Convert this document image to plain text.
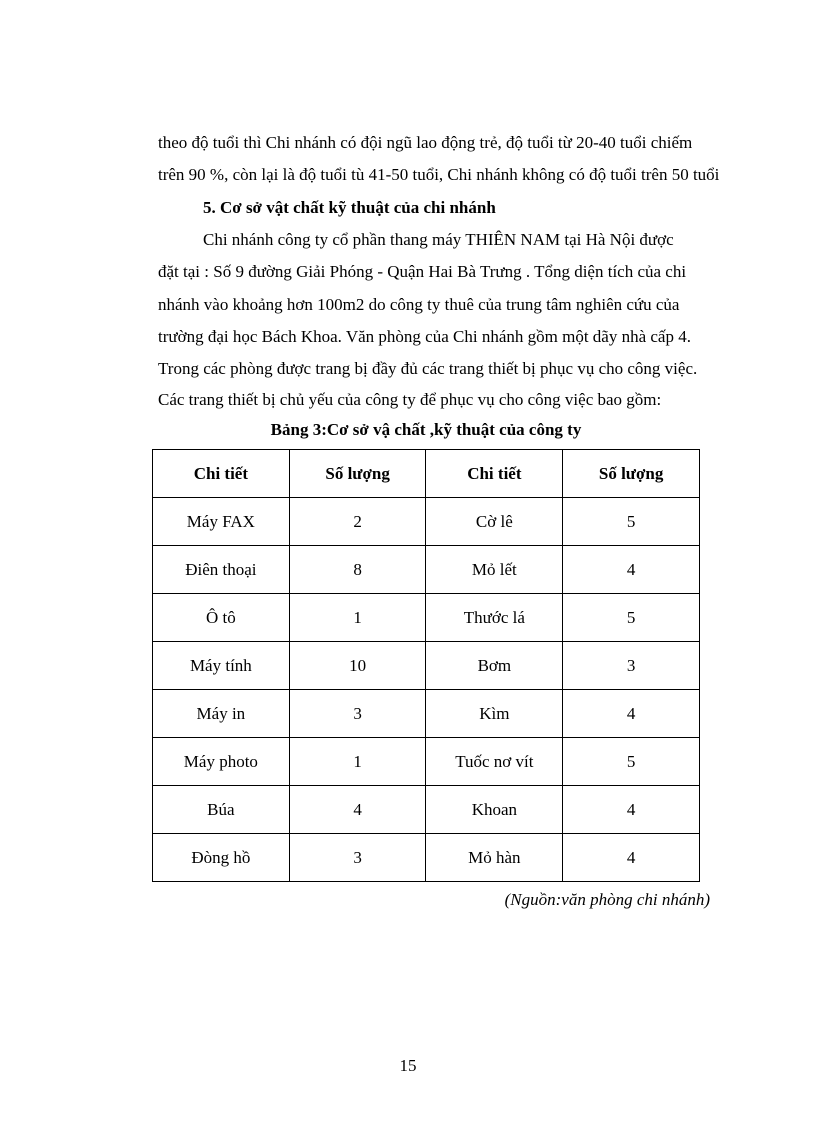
theo độ tuổi thì Chi nhánh có đội ngũ lao động trẻ, độ tuổi từ 20-40 tuổi chiếm
trên 90 %, còn lại là độ tuổi tù 41-50 tuổi, Chi nhánh không có độ tuổi trên 50 tuổi
5. Cơ sở vật chất kỹ thuật của chi nhánh
Chi nhánh công ty cổ phần thang máy THIÊN NAM tại Hà Nội được
đặt tại : Số 9 đường Giải Phóng - Quận Hai Bà Trưng . Tổng diện tích của chi
nhánh vào khoảng hơn 100m2 do công ty thuê của trung tâm nghiên cứu của
trường đại học Bách Khoa. Văn phòng của Chi nhánh gồm một dãy nhà cấp 4.
Trong các phòng được trang bị đầy đủ các trang thiết bị phục vụ cho công việc.
Các trang thiết bị chủ yếu của công ty để phục vụ cho công việc bao gồm:
Bảng 3:Cơ sở vậ chất ,kỹ thuật của công ty
Chi tiết	Số lượng	Chi tiết	Số lượng
Máy FAX	2	Cờ lê	5
Điên thoại	8	Mỏ lết	4
Ô tô	1	Thước lá	5
Máy tính	10	Bơm	3
Máy in	3	Kìm	4
Máy photo	1	Tuốc nơ vít	5
Búa	4	Khoan	4
Đòng hồ	3	Mỏ hàn	4
(Nguồn:văn phòng chi nhánh)
15
